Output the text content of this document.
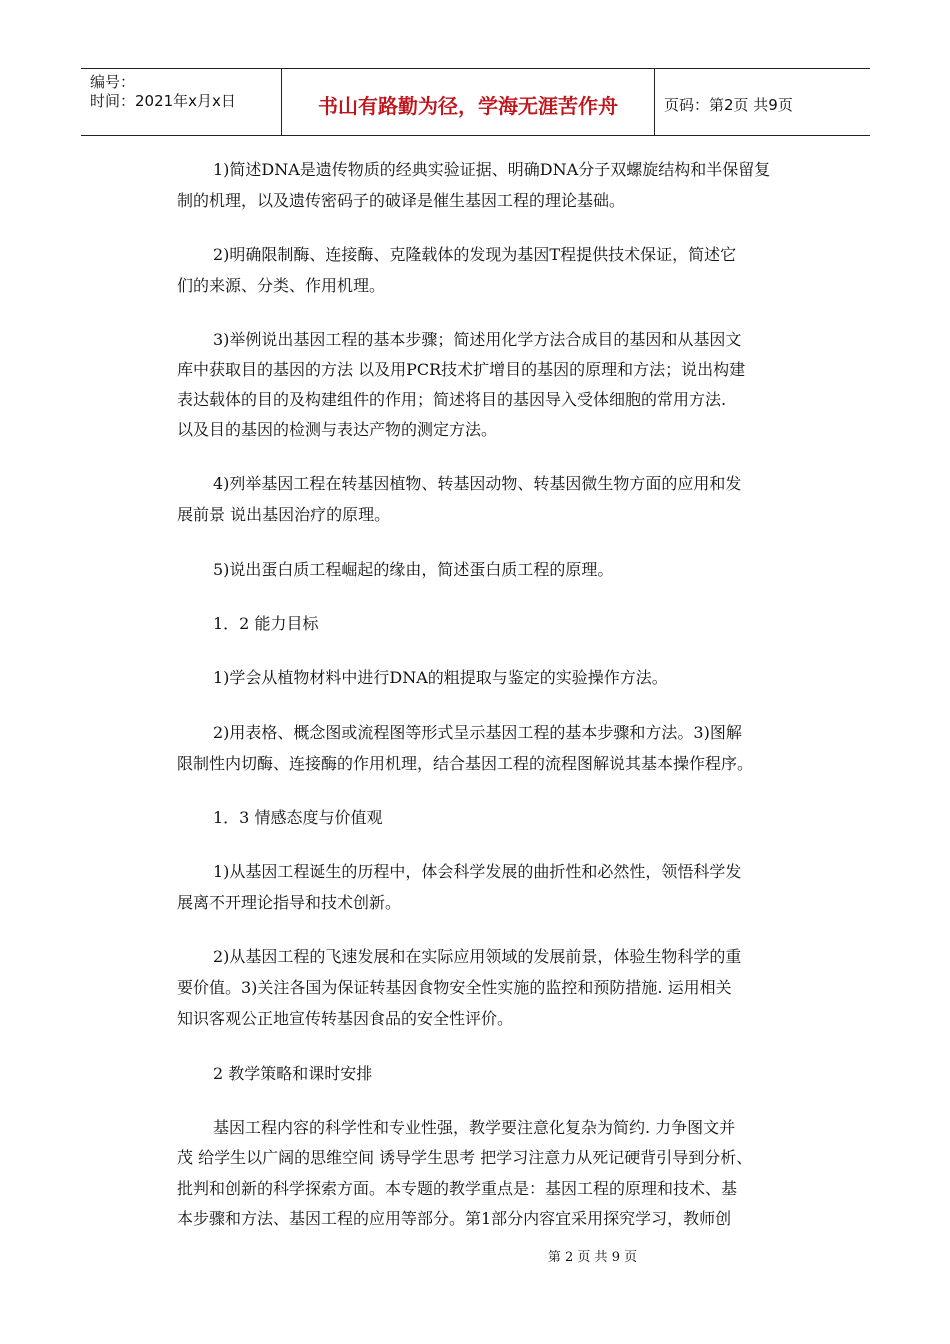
编号：
时间：2021年x月x日	书山有路勤为径，学海无涯苦作舟	页码：第2页 共9页
1)简述DNA是遗传物质的经典实验证据、明确DNA分子双螺旋结构和半保留复
制的机理，以及遗传密码子的破译是催生基因工程的理论基础。
2)明确限制酶、连接酶、克隆载体的发现为基因T程提供技术保证，简述它
们的来源、分类、作用机理。
3)举例说出基因工程的基本步骤；简述用化学方法合成目的基因和从基因文
库中获取目的基因的方法 以及用PCR技术扩增目的基因的原理和方法；说出构建
表达载体的目的及构建组件的作用；简述将目的基因导入受体细胞的常用方法.
以及目的基因的检测与表达产物的测定方法。
4)列举基因工程在转基因植物、转基因动物、转基因微生物方面的应用和发
展前景 说出基因治疗的原理。
5)说出蛋白质工程崛起的缘由，简述蛋白质工程的原理。
1．2 能力目标
1)学会从植物材料中进行DNA的粗提取与鉴定的实验操作方法。
2)用表格、概念图或流程图等形式呈示基因工程的基本步骤和方法。3)图解
限制性内切酶、连接酶的作用机理，结合基因工程的流程图解说其基本操作程序。
1．3 情感态度与价值观
1)从基因工程诞生的历程中，体会科学发展的曲折性和必然性，领悟科学发
展离不开理论指导和技术创新。
2)从基因工程的飞速发展和在实际应用领域的发展前景，体验生物科学的重
要价值。3)关注各国为保证转基因食物安全性实施的监控和预防措施. 运用相关
知识客观公正地宣传转基因食品的安全性评价。
2 教学策略和课时安排
基因工程内容的科学性和专业性强，教学要注意化复杂为简约. 力争图文并
茂 给学生以广阔的思维空间 诱导学生思考 把学习注意力从死记硬背引导到分析、
批判和创新的科学探索方面。本专题的教学重点是：基因工程的原理和技术、基
本步骤和方法、基因工程的应用等部分。第1部分内容宜采用探究学习，教师创
第 2 页 共 9 页
